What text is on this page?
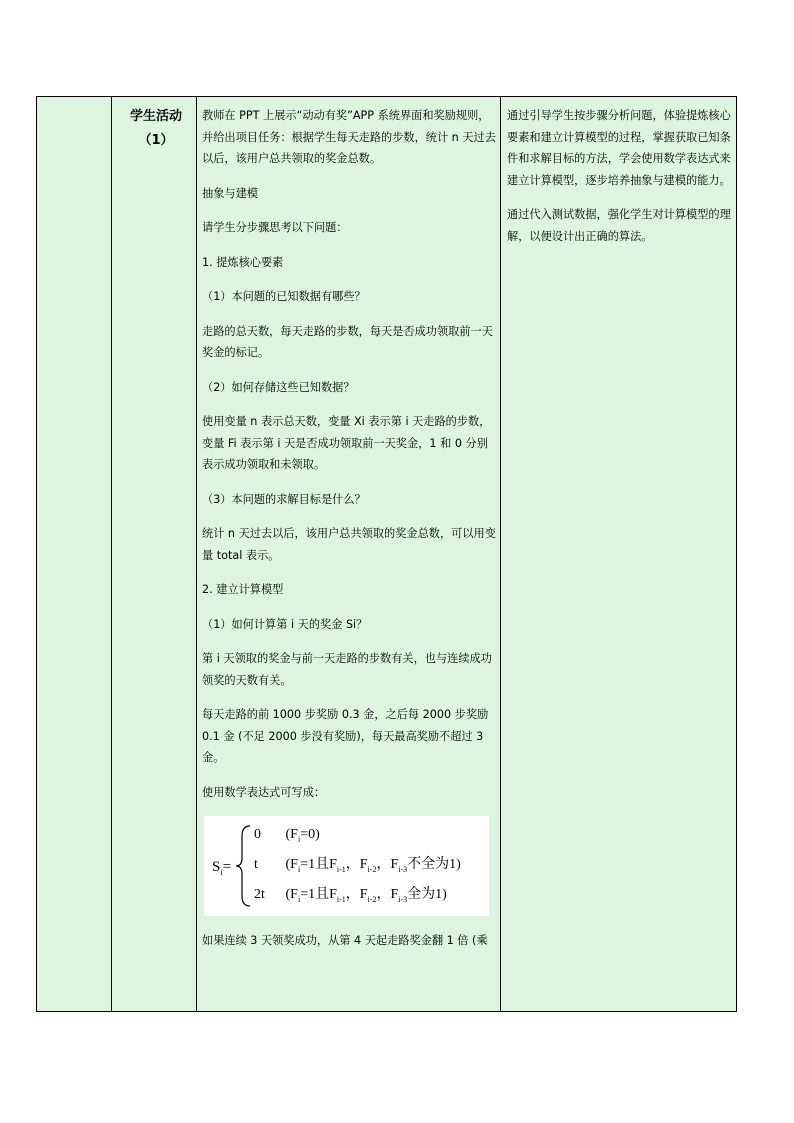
学生活动
（1）

教师在 PPT 上展示“动动有奖”APP 系统界面和奖励规则，并给出项目任务：根据学生每天走路的步数，统计 n 天过去以后，该用户总共领取的奖金总数。

抽象与建模

请学生分步骤思考以下问题：

1. 提炼核心要素

（1）本问题的已知数据有哪些？

走路的总天数，每天走路的步数，每天是否成功领取前一天奖金的标记。

（2）如何存储这些已知数据？

使用变量 n 表示总天数，变量 Xi 表示第 i 天走路的步数，变量 Fi 表示第 i 天是否成功领取前一天奖金，1 和 0 分别表示成功领取和未领取。

（3）本问题的求解目标是什么？

统计 n 天过去以后，该用户总共领取的奖金总数，可以用变量 total 表示。

2. 建立计算模型

（1）如何计算第 i 天的奖金 Si？

第 i 天领取的奖金与前一天走路的步数有关，也与连续成功领奖的天数有关。

每天走路的前 1000 步奖励 0.3 金，之后每 2000 步奖励 0.1 金 (不足 2000 步没有奖励)，每天最高奖励不超过 3 金。

使用数学表达式可写成：

$S_i=$
0 $(F_i=0)$
t ($F_i=1$且$F_{i-1}$，$F_{i-2}$，$F_{i-3}$不全为1)
2t ($F_i=1$且$F_{i-1}$，$F_{i-2}$，$F_{i-3}$全为1)

如果连续 3 天领奖成功，从第 4 天起走路奖金翻 1 倍 (乘

通过引导学生按步骤分析问题，体验提炼核心要素和建立计算模型的过程，掌握获取已知条件和求解目标的方法，学会使用数学表达式来建立计算模型，逐步培养抽象与建模的能力。

通过代入测试数据，强化学生对计算模型的理解，以便设计出正确的算法。
